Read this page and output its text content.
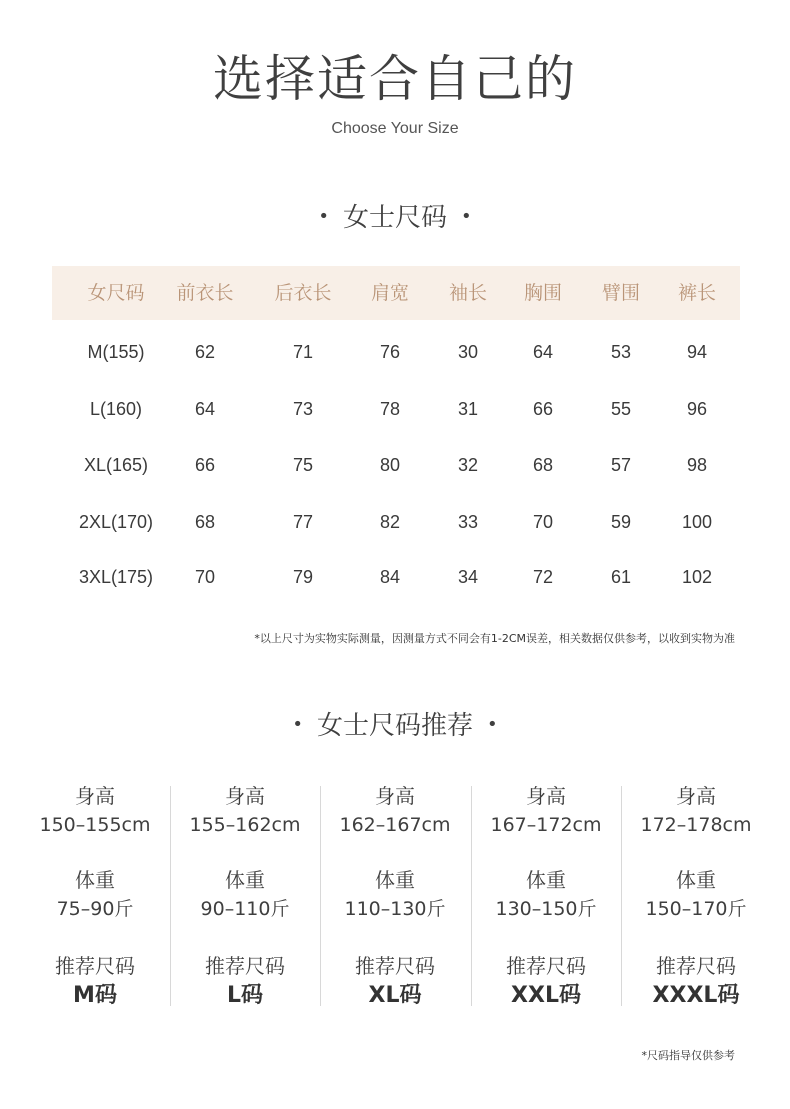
选择适合自己的
Choose Your Size
• 女士尺码 •
女尺码 前衣长 后衣长 肩宽 袖长 胸围 臂围 裤长
M(155)	62	71	76	30	64	53	94
L(160)	64	73	78	31	66	55	96
XL(165)	66	75	80	32	68	57	98
2XL(170) 68	77	82	33	70	59	100
3XL(175) 70	79	84	34	72	61	102
*以上尺寸为实物实际测量，因测量方式不同会有1-2CM误差，相关数据仅供参考，以收到实物为准
• 女士尺码推荐 •
身高
150–155cm
体重
75–90斤
推荐尺码
M码
身高
155–162cm
体重
90–110斤
推荐尺码
L码
身高
162–167cm
体重
110–130斤
推荐尺码
XL码
身高
167–172cm
体重
130–150斤
推荐尺码
XXL码
身高
172–178cm
体重
150–170斤
推荐尺码
XXXL码
*尺码指导仅供参考
